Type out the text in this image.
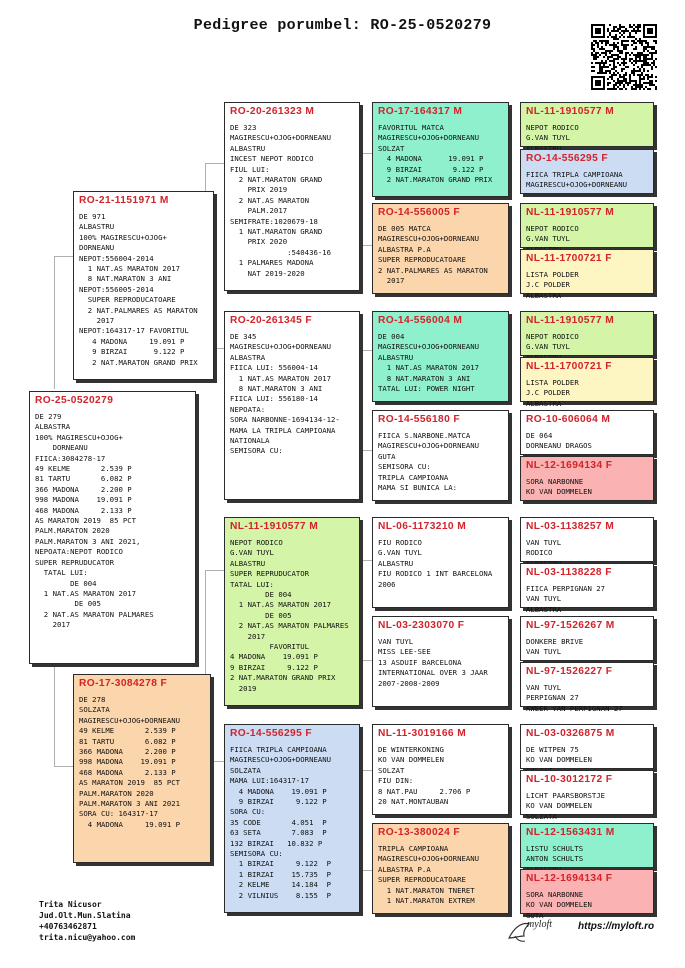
Pedigree porumbel: RO-25-0520279
RO-25-0520279
DE 279
ALBASTRA
100% MAGIRESCU+OJOG+
DORNEANU
FIICA:3084278-17
49 KELME       2.539 P
81 TARTU       6.082 P
366 MADONA     2.200 P
998 MADONA    19.091 P
468 MADONA     2.133 P
AS MARATON 2019  85 PCT
PALM.MARATON 2020
PALM.MARATON 3 ANI 2021,
NEPOATA:NEPOT RODICO
SUPER REPRUDUCATOR
TATAL LUI:
DE 004
1 NAT.AS MARATON 2017
DE 005
2 NAT.AS MARATON PALMARES
2017
RO-21-1151971 M
DE 971
ALBASTRU
100% MAGIRESCU+OJOG+
DORNEANU
NEPOT:556004-2014
1 NAT.AS MARATON 2017
8 NAT.MARATON 3 ANI
NEPOT:556005-2014
SUPER REPRODUCATOARE
2 NAT.PALMARES AS MARATON
2017
NEPOT:164317-17 FAVORITUL
4 MADONA     19.091 P
9 BIRZAI      9.122 P
2 NAT.MARATON GRAND PRIX
RO-17-3084278 F
DE 278
SOLZATA
MAGIRESCU+OJOG+DORNEANU
49 KELME       2.539 P
81 TARTU       6.082 P
366 MADONA     2.200 P
998 MADONA    19.091 P
468 MADONA     2.133 P
AS MARATON 2019  85 PCT
PALM.MARATON 2020
PALM.MARATON 3 ANI 2021
SORA CU: 164317-17
4 MADONA     19.091 P
RO-20-261323 M
DE 323
MAGIRESCU+OJOG+DORNEANU
ALBASTRU
INCEST NEPOT RODICO
FIUL LUI:
2 NAT.MARATON GRAND
PRIX 2019
2 NAT.AS MARATON
PALM.2017
SEMIFRATE:1020679-18
1 NAT.MARATON GRAND
PRIX 2020
:540436-16
1 PALMARES MADONA
NAT 2019-2020
RO-20-261345 F
DE 345
MAGIRESCU+OJOG+DORNEANU
ALBASTRA
FIICA LUI: 556004-14
1 NAT.AS MARATON 2017
8 NAT.MARATON 3 ANI
FIICA LUI: 556180-14
NEPOATA:
SORA NARBONNE-1694134-12-
MAMA LA TRIPLA CAMPIOANA
NATIONALA
SEMISORA CU:
NL-11-1910577 M
NEPOT RODICO
G.VAN TUYL
ALBASTRU
SUPER REPRUDUCATOR
TATAL LUI:
DE 004
1 NAT.AS MARATON 2017
DE 005
2 NAT.AS MARATON PALMARES
2017
FAVORITUL
4 MADONA    19.091 P
9 BIRZAI     9.122 P
2 NAT.MARATON GRAND PRIX
2019
RO-14-556295 F
FIICA TRIPLA CAMPIOANA
MAGIRESCU+OJOG+DORNEANU
SOLZATA
MAMA LUI:164317-17
4 MADONA    19.091 P
9 BIRZAI     9.122 P
SORA CU:
35 CODE       4.051  P
63 SETA       7.083  P
132 BIRZAI   10.832 P
SEMISORA CU:
1 BIRZAI     9.122  P
1 BIRZAI    15.735  P
2 KELME     14.184  P
2 VILNIUS    8.155  P
RO-17-164317 M
FAVORITUL MATCA
MAGIRESCU+OJOG+DORNEANU
SOLZAT
4 MADONA      19.091 P
9 BIRZAI       9.122 P
2 NAT.MARATON GRAND PRIX
RO-14-556005 F
DE 005 MATCA
MAGIRESCU+OJOG+DORNEANU
ALBASTRA P.A
SUPER REPRODUCATOARE
2 NAT.PALMARES AS MARATON
2017
RO-14-556004 M
DE 004
MAGIRESCU+OJOG+DORNEANU
ALBASTRU
1 NAT.AS MARATON 2017
8 NAT.MARATON 3 ANI
TATAL LUI: POWER NIGHT
RO-14-556180 F
FIICA S.NARBONE.MATCA
MAGIRESCU+OJOG+DORNEANU
GUTA
SEMISORA CU:
TRIPLA CAMPIOANA
MAMA SI BUNICA LA:
NL-06-1173210 M
FIU RODICO
G.VAN TUYL
ALBASTRU
FIU RODICO 1 INT BARCELONA
2006
NL-03-2303070 F
VAN TUYL
MISS LEE-SEE
13 ASDUIF BARCELONA
INTERNATIONAL OVER 3 JAAR
2007-2008-2009
NL-11-3019166 M
DE WINTERKONING
KO VAN DOMMELEN
SOLZAT
FIU DIN:
8 NAT.PAU     2.706 P
20 NAT.MONTAUBAN
RO-13-380024 F
TRIPLA CAMPIOANA
MAGIRESCU+OJOG+DORNEANU
ALBASTRA P.A
SUPER REPRODUCATOARE
1 NAT.MARATON TNERET
1 NAT.MARATON EXTREM
NL-11-1910577 M
NEPOT RODICO
G.VAN TUYL
RO-14-556295 F
FIICA TRIPLA CAMPIOANA
MAGIRESCU+OJOG+DORNEANU
NL-11-1910577 M
NEPOT RODICO
G.VAN TUYL
NL-11-1700721 F
LISTA POLDER
J.C POLDER
ALBASTRA
NL-11-1910577 M
NEPOT RODICO
G.VAN TUYL
NL-11-1700721 F
LISTA POLDER
J.C POLDER
ALBASTRA
RO-10-606064 M
DE 064
DORNEANU DRAGOS
NL-12-1694134 F
SORA NARBONNE
KO VAN DOMMELEN
NL-03-1138257 M
VAN TUYL
RODICO
NL-03-1138228 F
FIICA PERPIGNAN 27
VAN TUYL
ALBASTRA
NL-97-1526267 M
DONKERE BRIVE
VAN TUYL
NL-97-1526227 F
VAN TUYL
PERPIGNAN 27
KWEEK VAN PERPIGNAN 27
NL-03-0326875 M
DE WITPEN 75
KO VAN DOMMELEN
NL-10-3012172 F
LICHT PAARSBORSTJE
KO VAN DOMMELEN
SOLZATA
NL-12-1563431 M
LISTU SCHULTS
ANTON SCHULTS
NL-12-1694134 F
SORA NARBONNE
KO VAN DOMMELEN
GUTA
Trita Nicusor
Jud.Olt.Mun.Slatina
+40763462871
trita.nicu@yahoo.com
myloft	https://myloft.ro
